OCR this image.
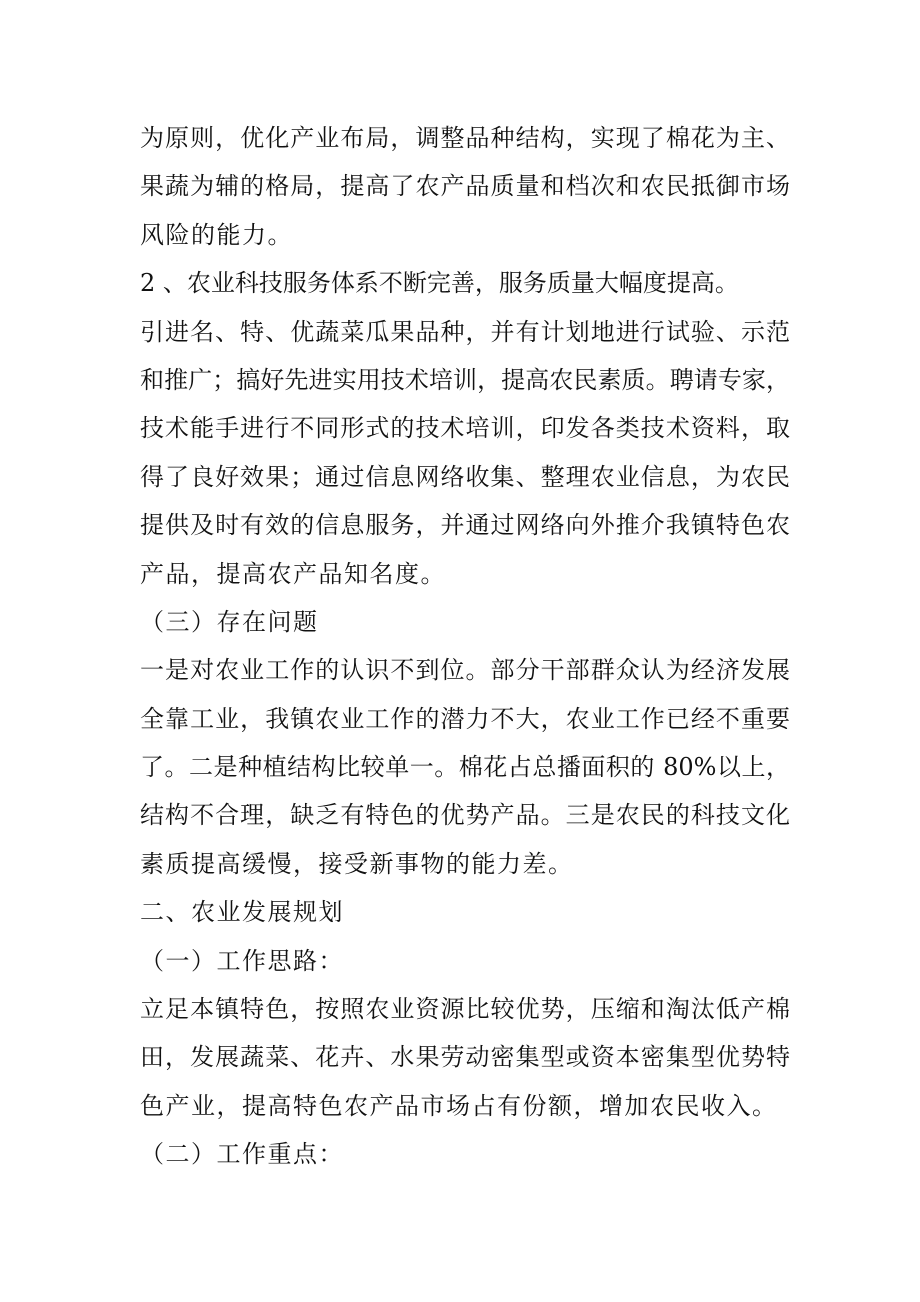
为原则，优化产业布局，调整品种结构，实现了棉花为主、
果蔬为辅的格局，提高了农产品质量和档次和农民抵御市场
风险的能力。
2 、农业科技服务体系不断完善，服务质量大幅度提高。
引进名、特、优蔬菜瓜果品种，并有计划地进行试验、示范
和推广；搞好先进实用技术培训，提高农民素质。聘请专家，
技术能手进行不同形式的技术培训，印发各类技术资料，取
得了良好效果；通过信息网络收集、整理农业信息，为农民
提供及时有效的信息服务，并通过网络向外推介我镇特色农
产品，提高农产品知名度。
（三）存在问题
一是对农业工作的认识不到位。部分干部群众认为经济发展
全靠工业，我镇农业工作的潜力不大，农业工作已经不重要
了。二是种植结构比较单一。棉花占总播面积的 80%以上，
结构不合理，缺乏有特色的优势产品。三是农民的科技文化
素质提高缓慢，接受新事物的能力差。
二、农业发展规划
（一）工作思路：
立足本镇特色，按照农业资源比较优势，压缩和淘汰低产棉
田，发展蔬菜、花卉、水果劳动密集型或资本密集型优势特
色产业，提高特色农产品市场占有份额，增加农民收入。
（二）工作重点：
